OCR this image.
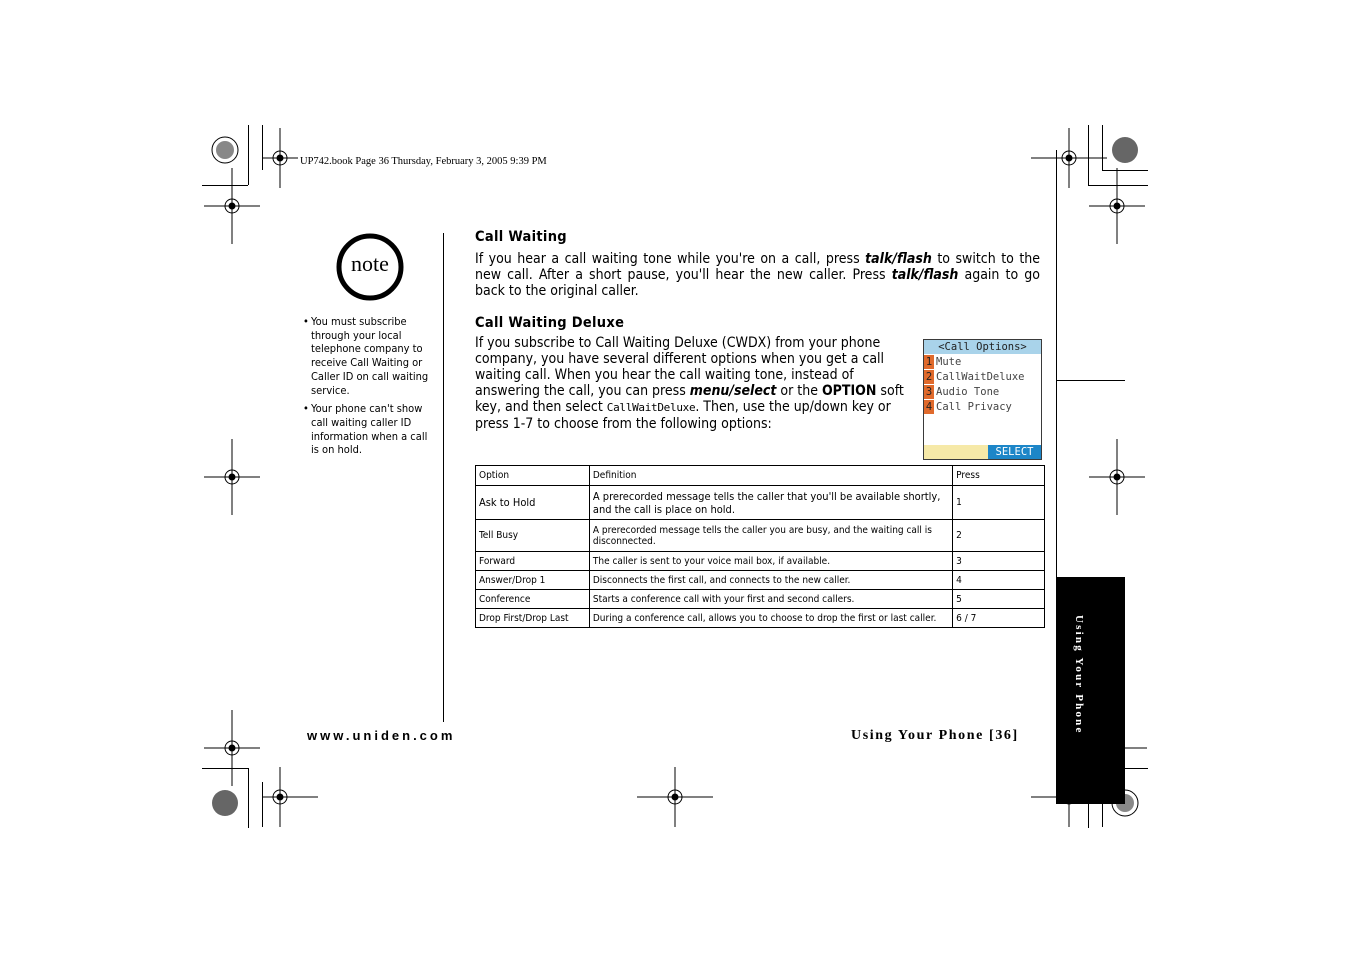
UP742.book Page 36 Thursday, February 3, 2005 9:39 PM
Using Your Phone
note
• You must subscribe through your local telephone company to receive Call Waiting or Caller ID on call waiting service.
• Your phone can't show call waiting caller ID information when a call is on hold.
Call Waiting
If you hear a call waiting tone while you're on a call, press talk/flash to switch to the new call. After a short pause, you'll hear the new caller. Press talk/flash again to go back to the original caller.
Call Waiting Deluxe
If you subscribe to Call Waiting Deluxe (CWDX) from your phone company, you have several different options when you get a call waiting call. When you hear the call waiting tone, instead of answering the call, you can press menu/select or the OPTION soft key, and then select CallWaitDeluxe. Then, use the up/down key or press 1-7 to choose from the following options:
<Call Options>
1 Mute
2 CallWaitDeluxe
3 Audio Tone
4 Call Privacy
SELECT
Option	Definition	Press
Ask to Hold	A prerecorded message tells the caller that you'll be available shortly, and the call is place on hold.	1
Tell Busy	A prerecorded message tells the caller you are busy, and the waiting call is disconnected.	2
Forward	The caller is sent to your voice mail box, if available.	3
Answer/Drop 1	Disconnects the first call, and connects to the new caller.	4
Conference	Starts a conference call with your first and second callers.	5
Drop First/Drop Last	During a conference call, allows you to choose to drop the first or last caller.	6 / 7
www.uniden.com	Using Your Phone [36]
